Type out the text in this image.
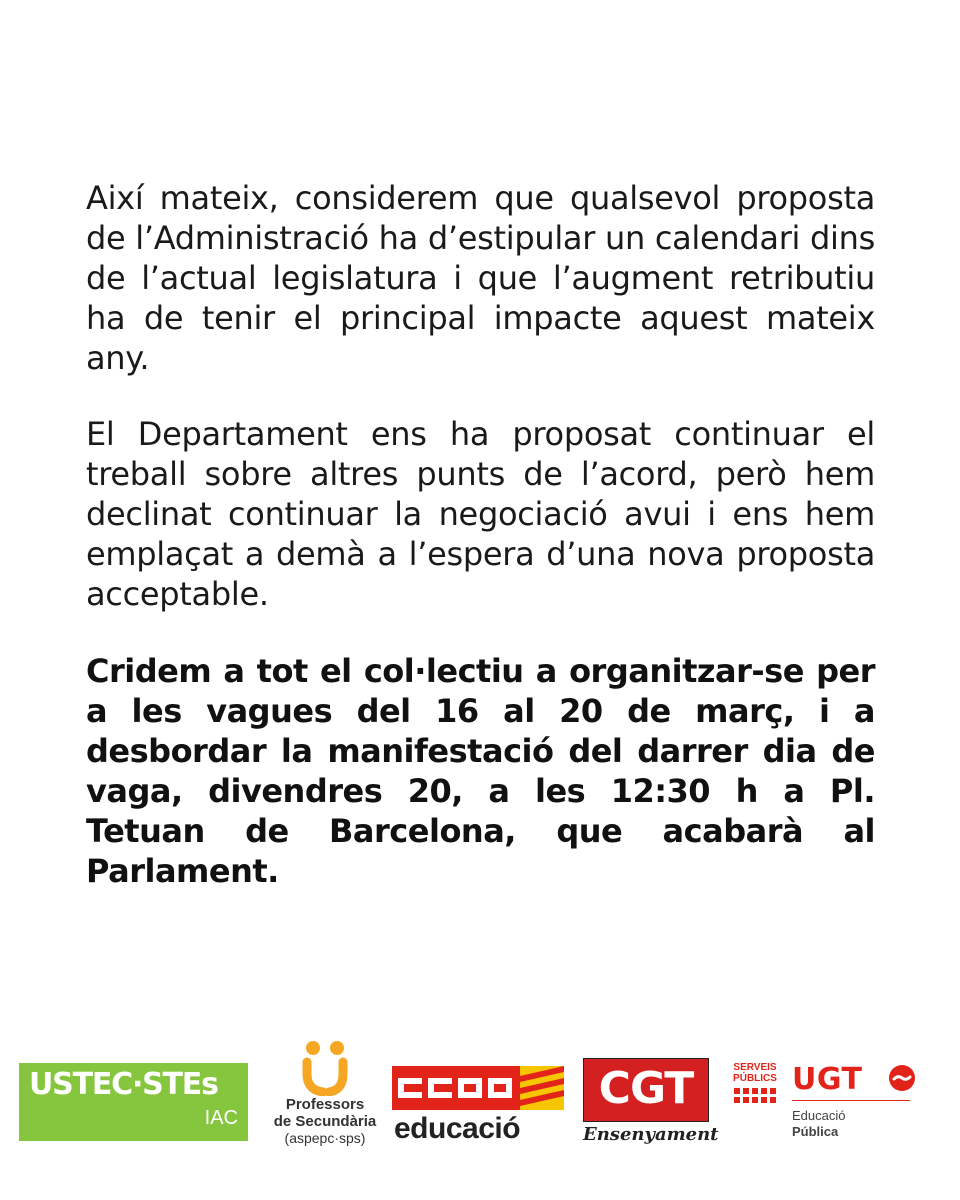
Així mateix, considerem que qualsevol proposta de l’Administració ha d’estipular un calendari dins de l’actual legislatura i que l’augment retributiu ha de tenir el principal impacte aquest mateix any.

El Departament ens ha proposat continuar el treball sobre altres punts de l’acord, però hem declinat continuar la negociació avui i ens hem emplaçat a demà a l’espera d’una nova proposta acceptable.

Cridem a tot el col·lectiu a organitzar-se per a les vagues del 16 al 20 de març, i a desbordar la manifestació del darrer dia de vaga, divendres 20, a les 12:30 h a Pl. Tetuan de Barcelona, que acabarà al Parlament.

USTEC·STEs
IAC
Professors
de Secundària
(aspepc·sps) educació
CGT
Ensenyament
SERVEIS
PÚBLICS UGT
Educació
Pública
